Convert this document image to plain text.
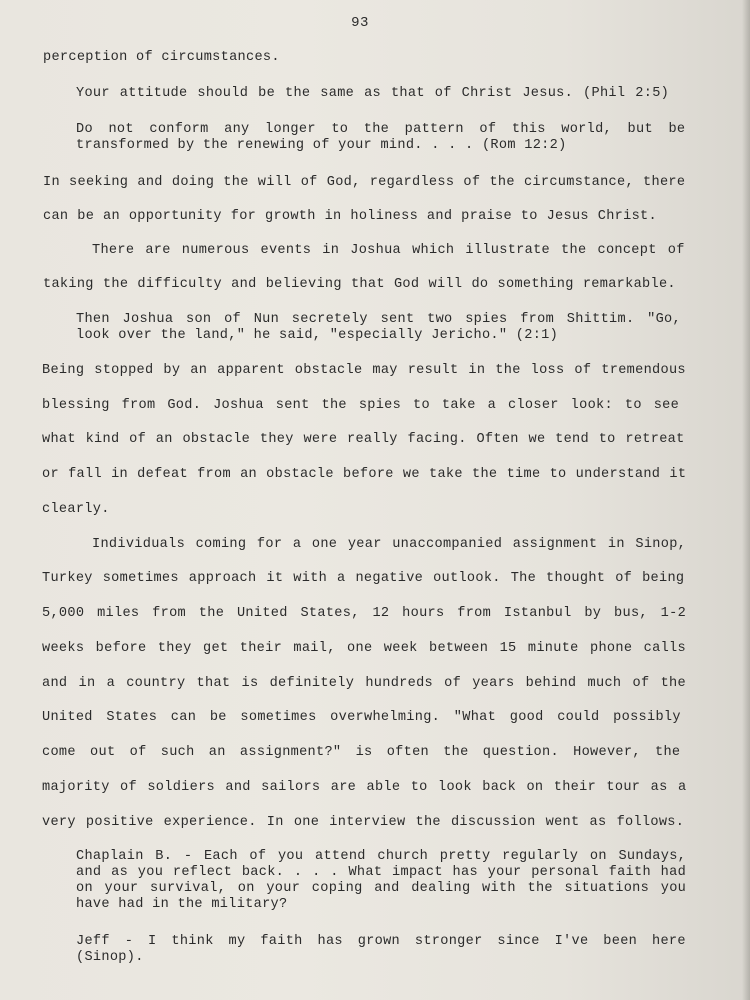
93
perception of circumstances.
Your attitude should be the same as that of Christ Jesus. (Phil 2:5)
Do not conform any longer to the pattern of this world, but be
transformed by the renewing of your mind. . . . (Rom 12:2)
In seeking and doing the will of God, regardless of the circumstance, there
can be an opportunity for growth in holiness and praise to Jesus Christ.
There are numerous events in Joshua which illustrate the concept of
taking the difficulty and believing that God will do something remarkable.
Then Joshua son of Nun secretely sent two spies from Shittim. "Go,
look over the land," he said, "especially Jericho." (2:1)
Being stopped by an apparent obstacle may result in the loss of tremendous
blessing from God. Joshua sent the spies to take a closer look: to see
what kind of an obstacle they were really facing. Often we tend to retreat
or fall in defeat from an obstacle before we take the time to understand it
clearly.
Individuals coming for a one year unaccompanied assignment in Sinop,
Turkey sometimes approach it with a negative outlook. The thought of being
5,000 miles from the United States, 12 hours from Istanbul by bus, 1-2
weeks before they get their mail, one week between 15 minute phone calls
and in a country that is definitely hundreds of years behind much of the
United States can be sometimes overwhelming. "What good could possibly
come out of such an assignment?" is often the question. However, the
majority of soldiers and sailors are able to look back on their tour as a
very positive experience. In one interview the discussion went as follows.
Chaplain B. - Each of you attend church pretty regularly on Sundays,
and as you reflect back. . . . What impact has your personal faith had
on your survival, on your coping and dealing with the situations you
have had in the military?
Jeff - I think my faith has grown stronger since I've been here
(Sinop).
